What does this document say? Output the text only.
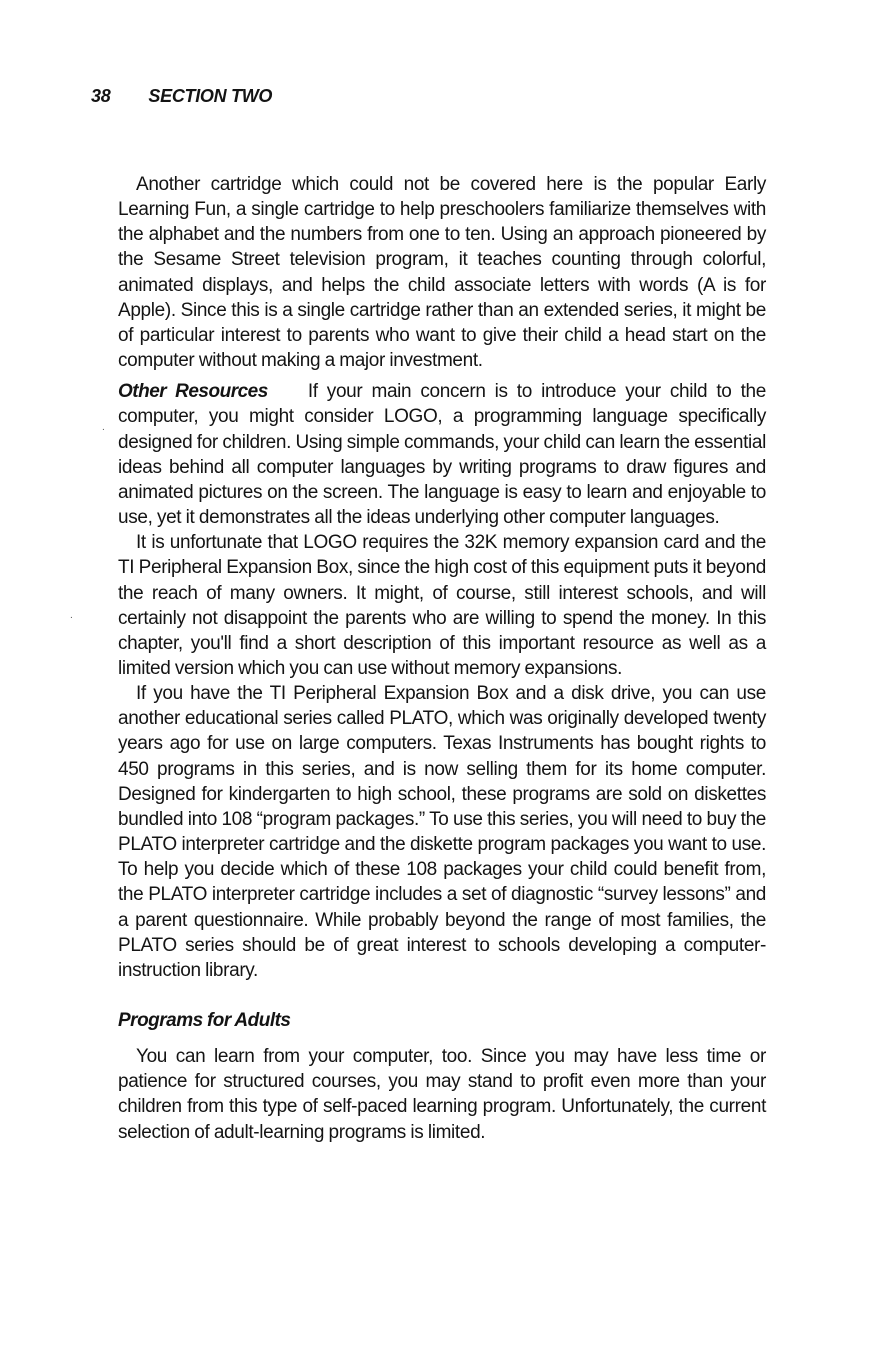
38 SECTION TWO
.
.

Another cartridge which could not be covered here is the popular Early Learning Fun, a single cartridge to help preschoolers familiarize themselves with the alphabet and the numbers from one to ten. Using an approach pioneered by the Sesame Street television program, it teaches counting through colorful, animated displays, and helps the child associate letters with words (A is for Apple). Since this is a single cartridge rather than an extended series, it might be of particular interest to parents who want to give their child a head start on the computer without making a major investment.

Other Resources If your main concern is to introduce your child to the computer, you might consider LOGO, a programming language specifically designed for children. Using simple commands, your child can learn the essential ideas behind all computer languages by writing programs to draw figures and animated pictures on the screen. The language is easy to learn and enjoyable to use, yet it demonstrates all the ideas underlying other computer languages.

It is unfortunate that LOGO requires the 32K memory expansion card and the TI Peripheral Expansion Box, since the high cost of this equipment puts it beyond the reach of many owners. It might, of course, still interest schools, and will certainly not disappoint the parents who are willing to spend the money. In this chapter, you'll find a short description of this important resource as well as a limited version which you can use without memory expansions.

If you have the TI Peripheral Expansion Box and a disk drive, you can use another educational series called PLATO, which was originally developed twenty years ago for use on large computers. Texas Instruments has bought rights to 450 programs in this series, and is now selling them for its home computer. Designed for kindergarten to high school, these programs are sold on diskettes bundled into 108 “program packages.” To use this series, you will need to buy the PLATO interpreter cartridge and the diskette program packages you want to use. To help you decide which of these 108 packages your child could benefit from, the PLATO interpreter cartridge includes a set of diagnostic “survey lessons” and a parent questionnaire. While probably beyond the range of most families, the PLATO series should be of great interest to schools developing a computer-instruction library.

Programs for Adults

You can learn from your computer, too. Since you may have less time or patience for structured courses, you may stand to profit even more than your children from this type of self-paced learning program. Unfortunately, the current selection of adult-learning programs is limited.
